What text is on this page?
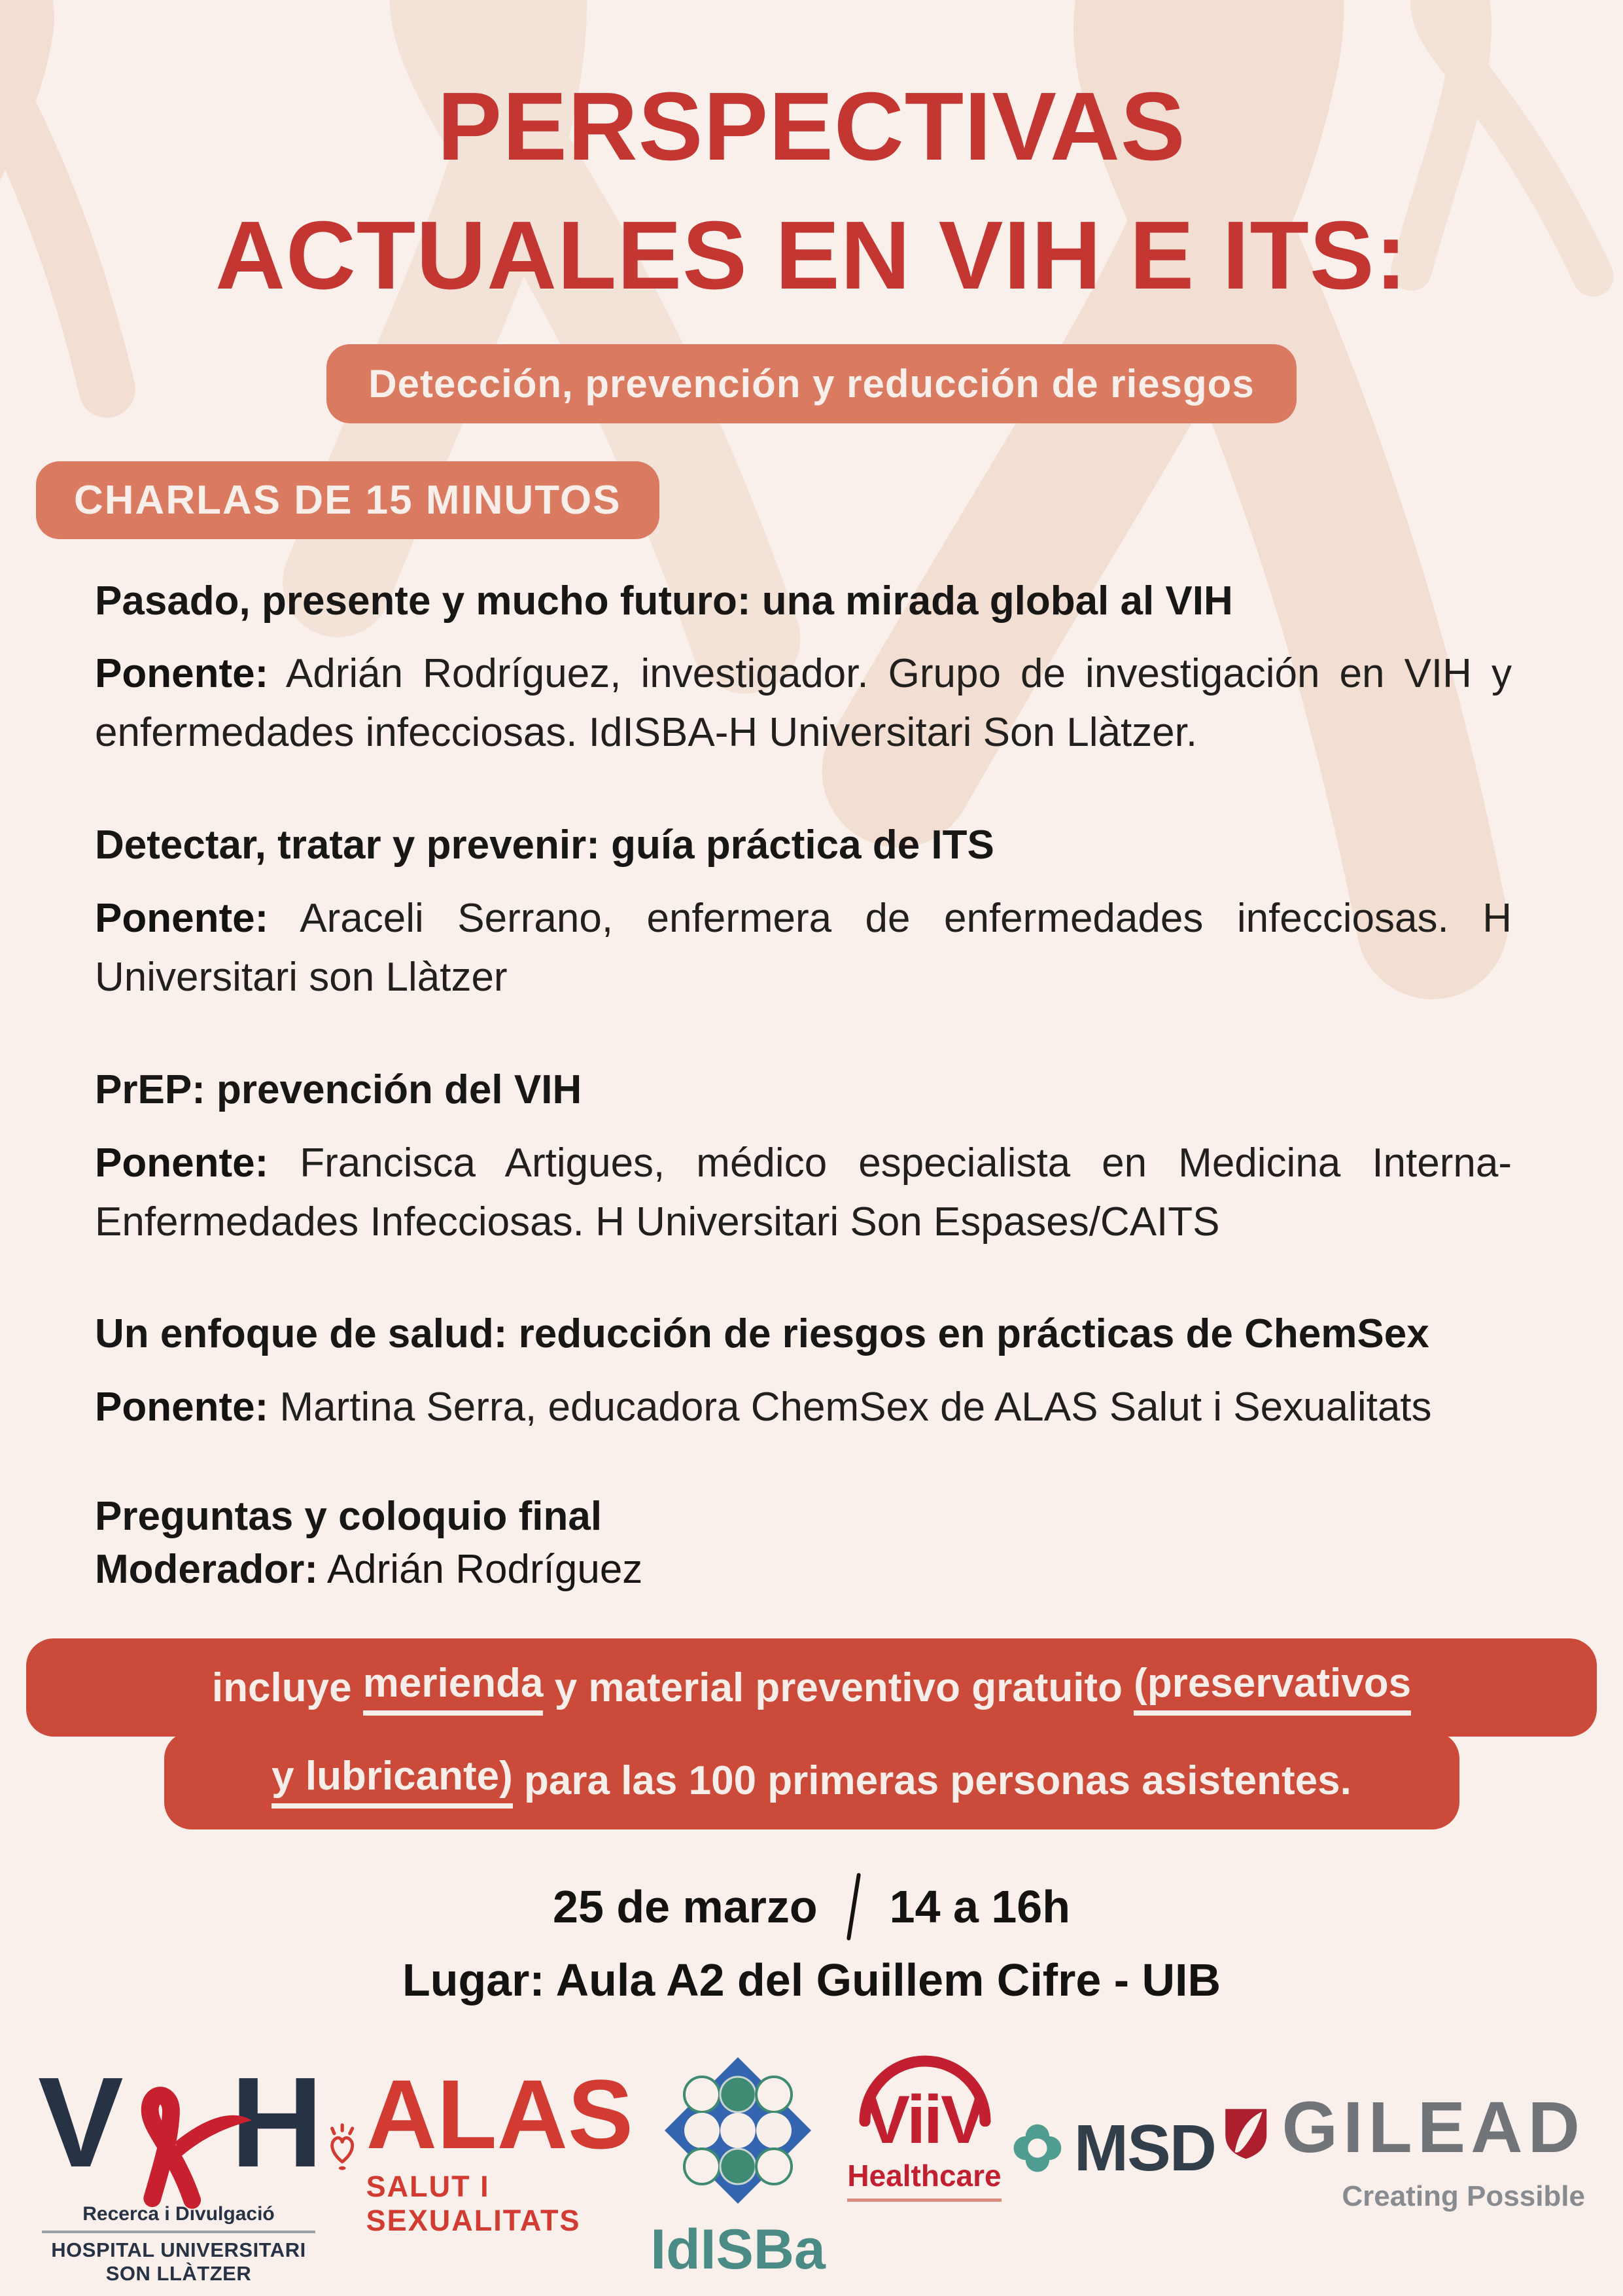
PERSPECTIVAS
ACTUALES EN VIH E ITS:
Detección, prevención y reducción de riesgos
CHARLAS DE 15 MINUTOS
Pasado, presente y mucho futuro: una mirada global al VIH

Ponente: Adrián Rodríguez, investigador. Grupo de investigación en VIH y enfermedades infecciosas. IdISBA-H Universitari Son Llàtzer.

Detectar, tratar y prevenir: guía práctica de ITS

Ponente: Araceli Serrano, enfermera de enfermedades infecciosas. H Universitari son Llàtzer

PrEP: prevención del VIH

Ponente: Francisca Artigues, médico especialista en Medicina Interna-Enfermedades Infecciosas. H Universitari Son Espases/CAITS

Un enfoque de salud: reducción de riesgos en prácticas de ChemSex

Ponente: Martina Serra, educadora ChemSex de ALAS Salut i Sexualitats

Preguntas y coloquio final

Moderador: Adrián Rodríguez

incluye merienda y material preventivo gratuito (preservativos
y lubricante) para las 100 primeras personas asistentes.
25 de marzo 14 a 16h
Lugar: Aula A2 del Guillem Cifre - UIB
V H
Recerca i Divulgació
HOSPITAL UNIVERSITARI SON LLÀTZER
ALAS
SALUT I SEXUALITATS	IdISBa
ViiV
Healthcare MSD GILEAD
Creating Possible
